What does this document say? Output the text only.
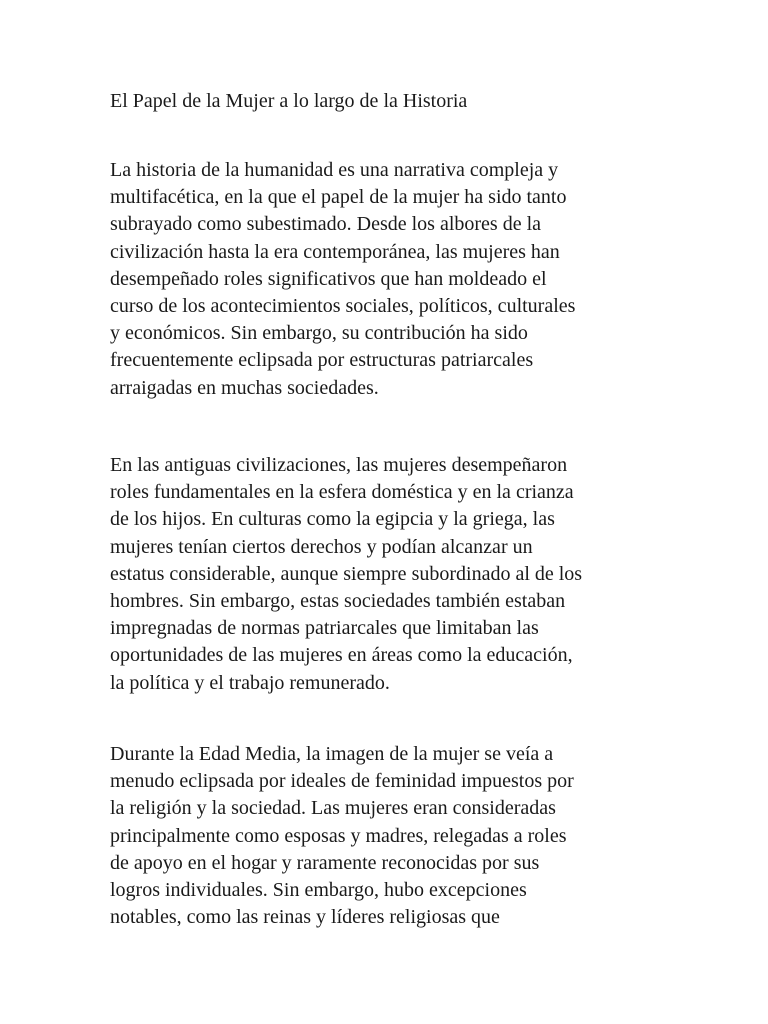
El Papel de la Mujer a lo largo de la Historia

La historia de la humanidad es una narrativa compleja y
multifacética, en la que el papel de la mujer ha sido tanto
subrayado como subestimado. Desde los albores de la
civilización hasta la era contemporánea, las mujeres han
desempeñado roles significativos que han moldeado el
curso de los acontecimientos sociales, políticos, culturales
y económicos. Sin embargo, su contribución ha sido
frecuentemente eclipsada por estructuras patriarcales
arraigadas en muchas sociedades.

En las antiguas civilizaciones, las mujeres desempeñaron
roles fundamentales en la esfera doméstica y en la crianza
de los hijos. En culturas como la egipcia y la griega, las
mujeres tenían ciertos derechos y podían alcanzar un
estatus considerable, aunque siempre subordinado al de los
hombres. Sin embargo, estas sociedades también estaban
impregnadas de normas patriarcales que limitaban las
oportunidades de las mujeres en áreas como la educación,
la política y el trabajo remunerado.

Durante la Edad Media, la imagen de la mujer se veía a
menudo eclipsada por ideales de feminidad impuestos por
la religión y la sociedad. Las mujeres eran consideradas
principalmente como esposas y madres, relegadas a roles
de apoyo en el hogar y raramente reconocidas por sus
logros individuales. Sin embargo, hubo excepciones
notables, como las reinas y líderes religiosas que
